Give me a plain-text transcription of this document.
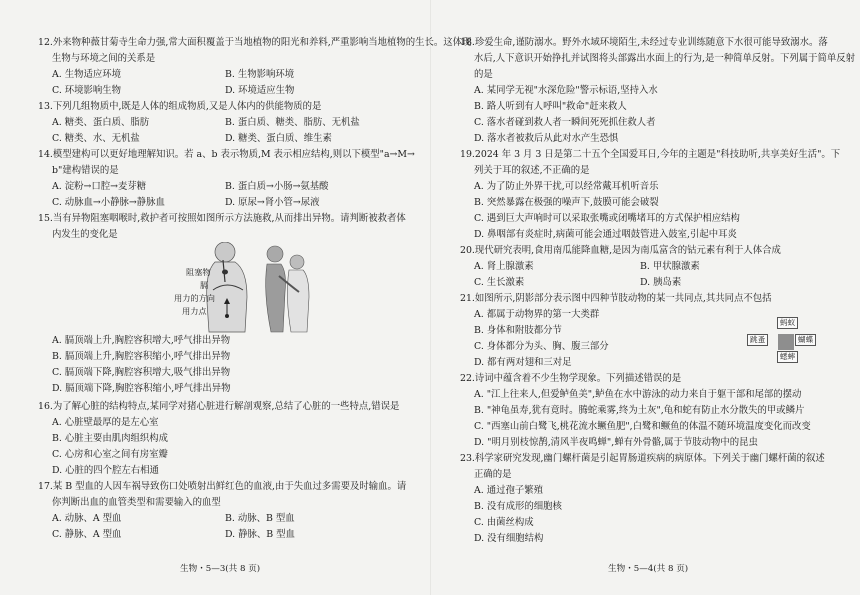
12.外来物种薇甘菊寺生命力强,常大面积覆盖于当地植物的阳光和养料,严重影响当地植物的生长。这体现
生物与环境之间的关系是
A. 生物适应环境	B. 生物影响环境
C. 环境影响生物	D. 环境适应生物
13.下列几组物质中,既是人体的组成物质,又是人体内的供能物质的是
A. 糖类、蛋白质、脂肪	B. 蛋白质、糖类、脂肪、无机盐
C. 糖类、水、无机盐	D. 糖类、蛋白质、维生素
14.模型建构可以更好地理解知识。若 a、b 表示物质,M 表示相应结构,则以下模型"a→M→
b"建构错误的是
A. 淀粉→口腔→麦芽糖	B. 蛋白质→小肠→氨基酸
C. 动脉血→小静脉→静脉血	D. 原尿→肾小管→尿液
15.当有异物阻塞咽喉时,救护者可按照如图所示方法施救,从而排出异物。请判断被救者体
内发生的变化是
阻塞物
膈
用力的方向
用力点
A. 膈顶端上升,胸腔容积增大,呼气排出异物
B. 膈顶端上升,胸腔容积缩小,呼气排出异物
C. 膈顶端下降,胸腔容积增大,吸气排出异物
D. 膈顶端下降,胸腔容积缩小,呼气排出异物
16.为了解心脏的结构特点,某同学对猪心脏进行解剖观察,总结了心脏的一些特点,错误是
A. 心脏壁最厚的是左心室
B. 心脏主要由肌肉组织构成
C. 心房和心室之间有房室瓣
D. 心脏的四个腔左右相通
17.某 B 型血的人因车祸导致伤口处喷射出鲜红色的血液,由于失血过多需要及时输血。请
你判断出血的血管类型和需要输入的血型
A. 动脉、A 型血	B. 动脉、B 型血
C. 静脉、A 型血	D. 静脉、B 型血
生物・5—3(共 8 页)
18.珍爱生命,谨防溺水。野外水域环境陌生,未经过专业训练随意下水很可能导致溺水。落
水后,人下意识开始挣扎并试图将头部露出水面上的行为,是一种简单反射。下列属于简单反射
的是
A. 某同学无视"水深危险"警示标语,坚持入水
B. 路人听到有人呼叫"救命"赶来救人
C. 落水者碰到救人者一瞬间死死抓住救人者
D. 落水者被救后从此对水产生恐惧
19.2024 年 3 月 3 日是第二十五个全国爱耳日,今年的主题是"科技助听,共享美好生活"。下
列关于耳的叙述,不正确的是
A. 为了防止外界干扰,可以经常戴耳机听音乐
B. 突然暴露在极强的噪声下,鼓膜可能会破裂
C. 遇到巨大声响时可以采取张嘴或闭嘴堵耳的方式保护相应结构
D. 鼻咽部有炎症时,病菌可能会通过咽鼓管进入鼓室,引起中耳炎
20.现代研究表明,食用南瓜能降血糖,是因为南瓜富含的钴元素有利于人体合成
A. 肾上腺激素	B. 甲状腺激素
C. 生长激素	D. 胰岛素
21.如图所示,阴影部分表示图中四种节肢动物的某一共同点,其共同点不包括
A. 都属于动物界的第一大类群
B. 身体和附肢都分节
C. 身体都分为头、胸、腹三部分
D. 都有两对翅和三对足
蚂蚁
跳蚤	蝴蝶
蟋蟀
22.诗词中蕴含着不少生物学现象。下列描述错误的是
A. "江上往来人,但爱鲈鱼美",鲈鱼在水中游泳的动力来自于躯干部和尾部的摆动
B. "神龟虽寿,犹有竟时。腾蛇乘雾,终为土灰",龟和蛇有防止水分散失的甲或鳞片
C. "西塞山前白鹭飞,桃花流水鳜鱼肥",白鹭和鳜鱼的体温不随环境温度变化而改变
D. "明月别枝惊鹊,清风半夜鸣蝉",蝉有外骨骼,属于节肢动物中的昆虫
23.科学家研究发现,幽门螺杆菌是引起胃肠道疾病的病原体。下列关于幽门螺杆菌的叙述
正确的是
A. 通过孢子繁殖
B. 没有成形的细胞核
C. 由菌丝构成
D. 没有细胞结构
生物・5—4(共 8 页)
